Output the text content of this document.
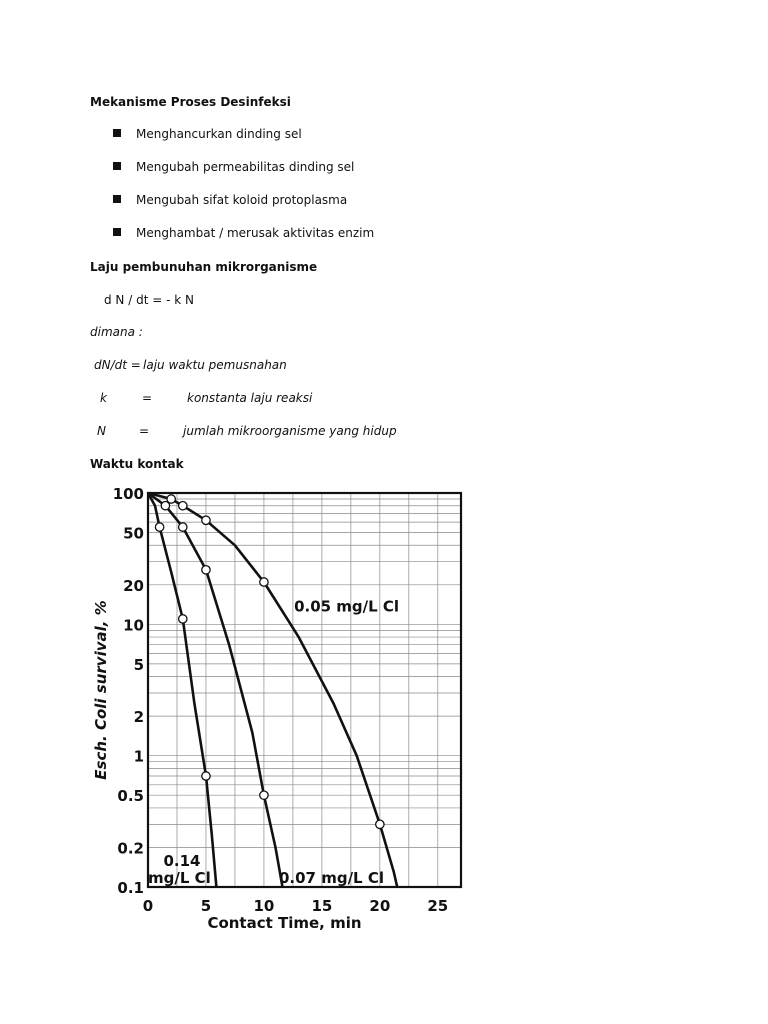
Mekanisme Proses Desinfeksi
Menghancurkan dinding sel
Mengubah permeabilitas dinding sel
Mengubah sifat koloid protoplasma
Menghambat / merusak aktivitas enzim
Laju pembunuhan mikrorganisme
d N / dt = - k N
dimana :
dN/dt = laju waktu pemusnahan
k	=	konstanta laju reaksi
N	=	jumlah mikroorganisme yang hidup
Waktu kontak
0	5	10 15 20 25
100
50
20
10
5
2
1
0.5
0.2
0.1
Contact Time, min
Esch. Coli survival, %
0.14
mg/L Cl	0.07 mg/L Cl
0.05 mg/L Cl
